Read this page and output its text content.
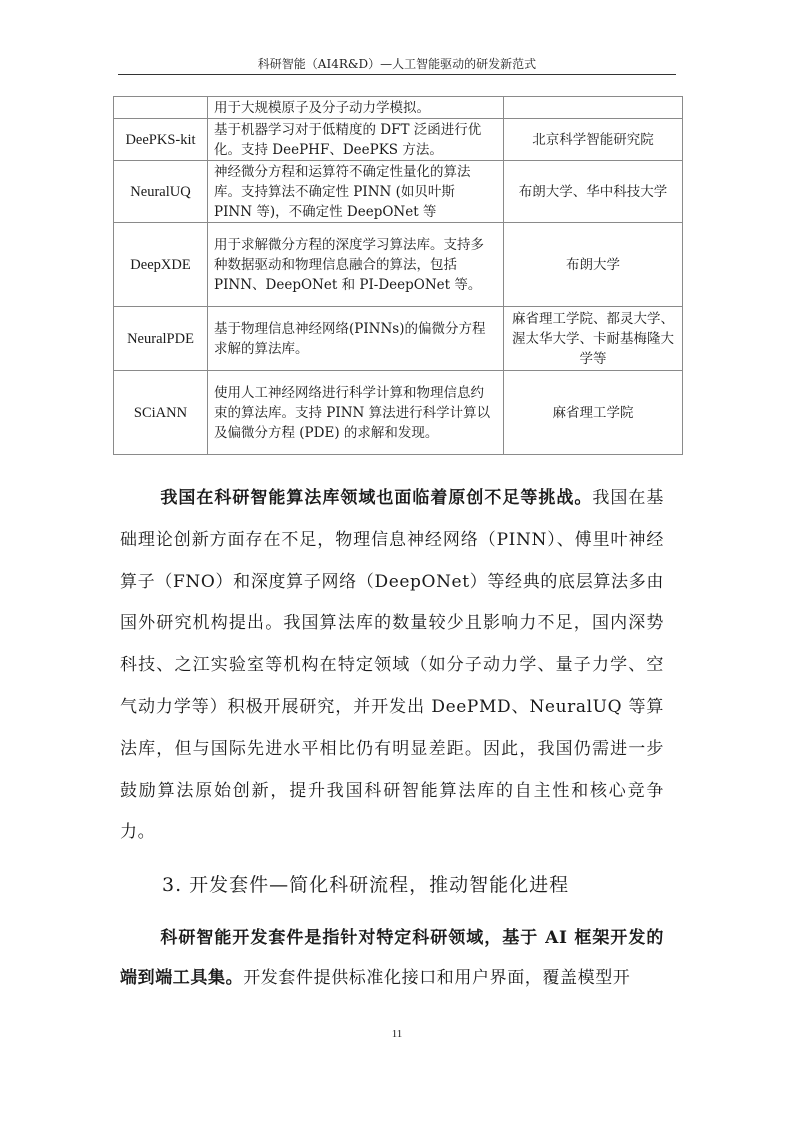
科研智能（AI4R&D）—人工智能驱动的研发新范式
	用于大规模原子及分子动力学模拟。	
DeePKS-kit	基于机器学习对于低精度的 DFT 泛函进行优化。支持 DeePHF、DeePKS 方法。	北京科学智能研究院
NeuralUQ	神经微分方程和运算符不确定性量化的算法库。支持算法不确定性 PINN (如贝叶斯 PINN 等)，不确定性 DeepONet 等	布朗大学、华中科技大学
DeepXDE	用于求解微分方程的深度学习算法库。支持多种数据驱动和物理信息融合的算法，包括 PINN、DeepONet 和 PI-DeepONet 等。	布朗大学
NeuralPDE	基于物理信息神经网络(PINNs)的偏微分方程求解的算法库。	麻省理工学院、都灵大学、渥太华大学、卡耐基梅隆大学等
SCiANN	使用人工神经网络进行科学计算和物理信息约束的算法库。支持 PINN 算法进行科学计算以及偏微分方程 (PDE) 的求解和发现。	麻省理工学院

我国在科研智能算法库领域也面临着原创不足等挑战。我国在基础理论创新方面存在不足，物理信息神经网络（PINN）、傅里叶神经算子（FNO）和深度算子网络（DeepONet）等经典的底层算法多由国外研究机构提出。我国算法库的数量较少且影响力不足，国内深势科技、之江实验室等机构在特定领域（如分子动力学、量子力学、空气动力学等）积极开展研究，并开发出 DeePMD、NeuralUQ 等算法库，但与国际先进水平相比仍有明显差距。因此，我国仍需进一步鼓励算法原始创新，提升我国科研智能算法库的自主性和核心竞争力。

3. 开发套件—简化科研流程，推动智能化进程

科研智能开发套件是指针对特定科研领域，基于 AI 框架开发的端到端工具集。开发套件提供标准化接口和用户界面，覆盖模型开

11
